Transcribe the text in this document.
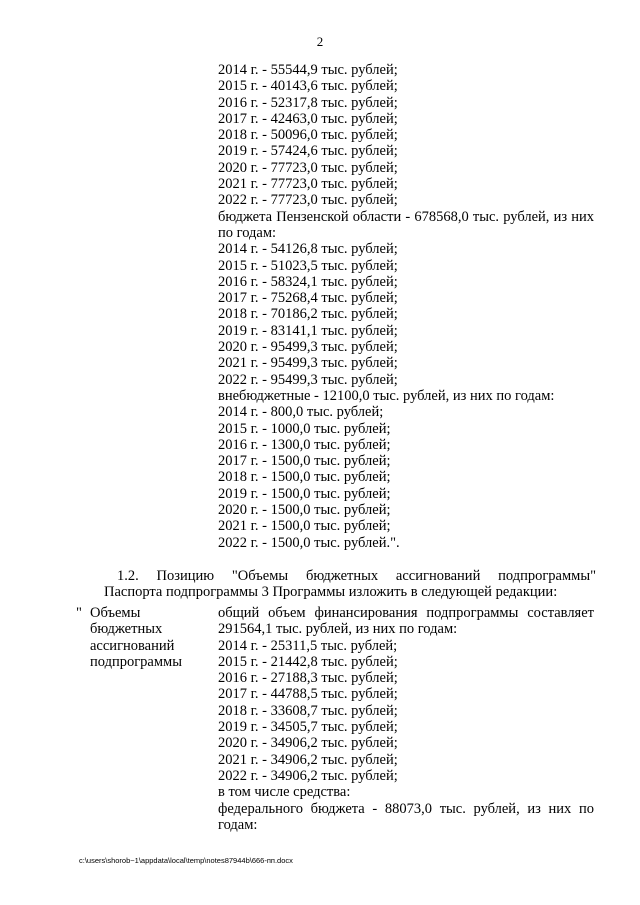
2
2014 г. - 55544,9 тыс. рублей;
2015 г. - 40143,6 тыс. рублей;
2016 г. - 52317,8 тыс. рублей;
2017 г. - 42463,0 тыс. рублей;
2018 г. - 50096,0 тыс. рублей;
2019 г. - 57424,6 тыс. рублей;
2020 г. - 77723,0 тыс. рублей;
2021 г. - 77723,0 тыс. рублей;
2022 г. - 77723,0 тыс. рублей;
бюджета Пензенской области - 678568,0 тыс. рублей, из них по годам:
2014 г. - 54126,8 тыс. рублей;
2015 г. - 51023,5 тыс. рублей;
2016 г. - 58324,1 тыс. рублей;
2017 г. - 75268,4 тыс. рублей;
2018 г. - 70186,2 тыс. рублей;
2019 г. - 83141,1 тыс. рублей;
2020 г. - 95499,3 тыс. рублей;
2021 г. - 95499,3 тыс. рублей;
2022 г. - 95499,3 тыс. рублей;
внебюджетные - 12100,0 тыс. рублей, из них по годам:
2014 г. - 800,0 тыс. рублей;
2015 г. - 1000,0 тыс. рублей;
2016 г. - 1300,0 тыс. рублей;
2017 г. - 1500,0 тыс. рублей;
2018 г. - 1500,0 тыс. рублей;
2019 г. - 1500,0 тыс. рублей;
2020 г. - 1500,0 тыс. рублей;
2021 г. - 1500,0 тыс. рублей;
2022 г. - 1500,0 тыс. рублей.".
1.2. Позицию "Объемы бюджетных ассигнований подпрограммы"
Паспорта подпрограммы 3 Программы изложить в следующей редакции:
" Объемы
бюджетных
ассигнований
подпрограммы
общий объем финансирования подпрограммы составляет 291564,1 тыс. рублей, из них по годам:
2014 г. - 25311,5 тыс. рублей;
2015 г. - 21442,8 тыс. рублей;
2016 г. - 27188,3 тыс. рублей;
2017 г. - 44788,5 тыс. рублей;
2018 г. - 33608,7 тыс. рублей;
2019 г. - 34505,7 тыс. рублей;
2020 г. - 34906,2 тыс. рублей;
2021 г. - 34906,2 тыс. рублей;
2022 г. - 34906,2 тыс. рублей;
в том числе средства:
федерального бюджета - 88073,0 тыс. рублей, из них по годам:
c:\users\shorob~1\appdata\local\temp\notes87944b\666-пп.docx
